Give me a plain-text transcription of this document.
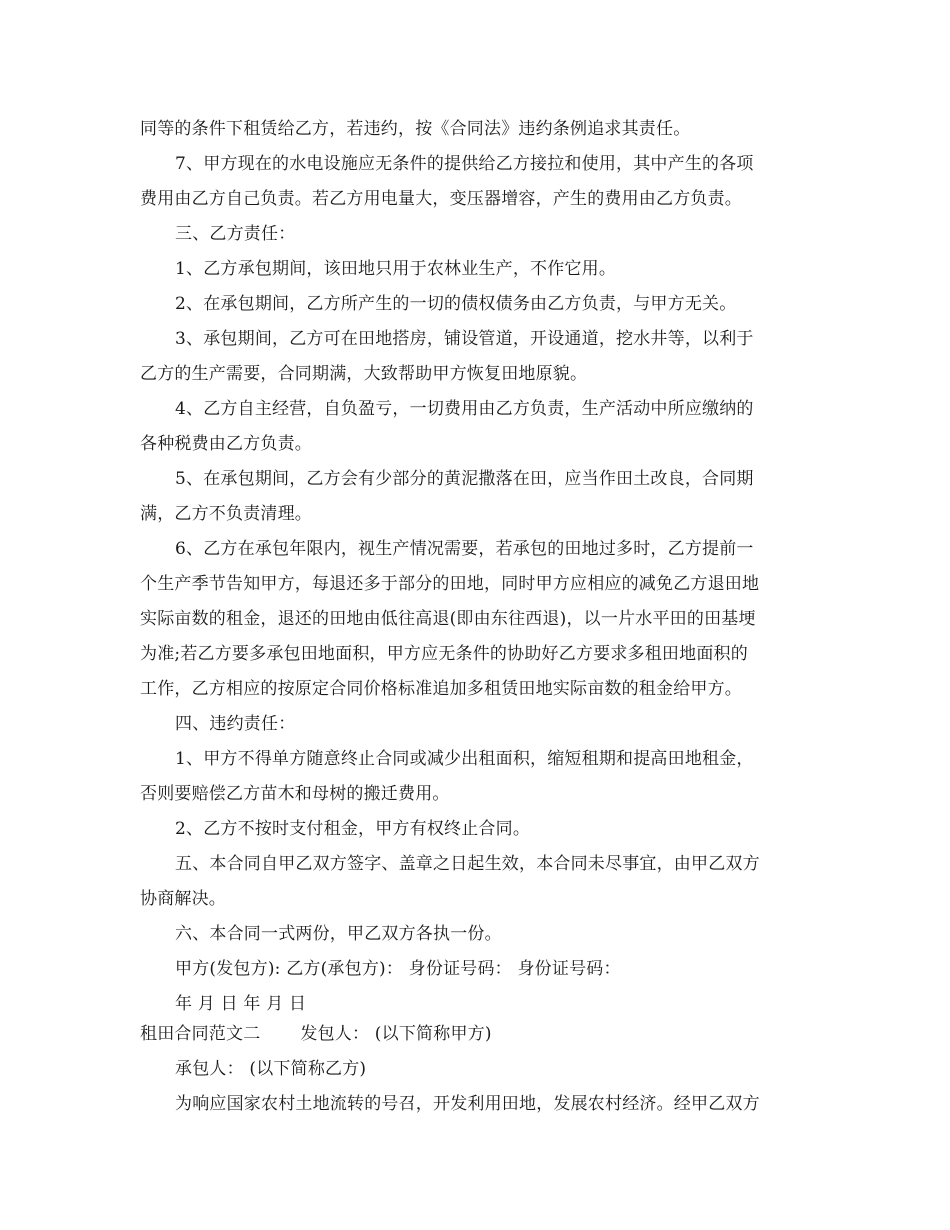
同等的条件下租赁给乙方，若违约，按《合同法》违约条例追求其责任。
7、甲方现在的水电设施应无条件的提供给乙方接拉和使用，其中产生的各项
费用由乙方自己负责。若乙方用电量大，变压器增容，产生的费用由乙方负责。
三、乙方责任：
1、乙方承包期间，该田地只用于农林业生产，不作它用。
2、在承包期间，乙方所产生的一切的债权债务由乙方负责，与甲方无关。
3、承包期间，乙方可在田地搭房，铺设管道，开设通道，挖水井等，以利于
乙方的生产需要，合同期满，大致帮助甲方恢复田地原貌。
4、乙方自主经营，自负盈亏，一切费用由乙方负责，生产活动中所应缴纳的
各种税费由乙方负责。
5、在承包期间，乙方会有少部分的黄泥撒落在田，应当作田土改良，合同期
满，乙方不负责清理。
6、乙方在承包年限内，视生产情况需要，若承包的田地过多时，乙方提前一
个生产季节告知甲方，每退还多于部分的田地，同时甲方应相应的减免乙方退田地
实际亩数的租金，退还的田地由低往高退(即由东往西退)，以一片水平田的田基埂
为准;若乙方要多承包田地面积，甲方应无条件的协助好乙方要求多租田地面积的
工作，乙方相应的按原定合同价格标准追加多租赁田地实际亩数的租金给甲方。
四、违约责任：
1、甲方不得单方随意终止合同或减少出租面积，缩短租期和提高田地租金，
否则要赔偿乙方苗木和母树的搬迁费用。
2、乙方不按时支付租金，甲方有权终止合同。
五、本合同自甲乙双方签字、盖章之日起生效，本合同未尽事宜，由甲乙双方
协商解决。
六、本合同一式两份，甲乙双方各执一份。
甲方(发包方): 乙方(承包方)： 身份证号码： 身份证号码：
年 月 日 年 月 日
租田合同范文二　　 发包人： (以下简称甲方)
承包人： (以下简称乙方)
为响应国家农村土地流转的号召，开发利用田地，发展农村经济。经甲乙双方
